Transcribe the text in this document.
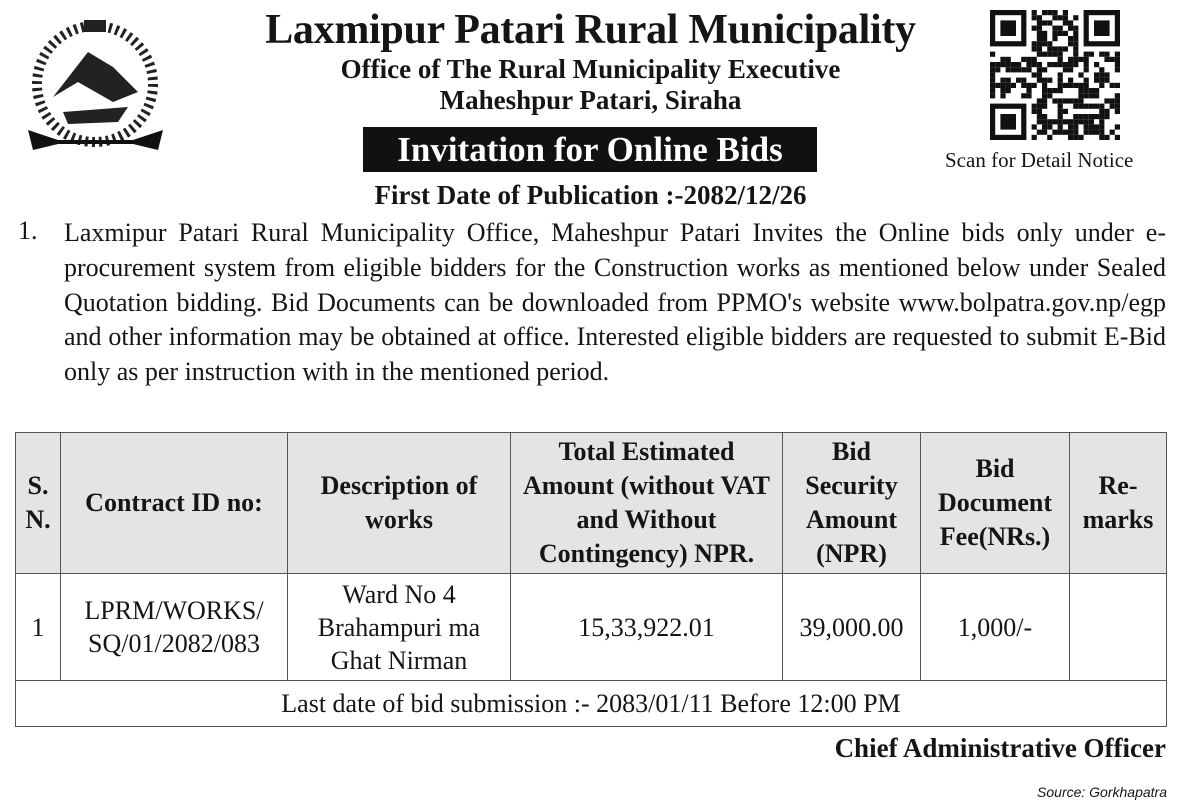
Laxmipur Patari Rural Municipality
Office of The Rural Municipality Executive
Maheshpur Patari, Siraha
Invitation for Online Bids
First Date of Publication :-2082/12/26
Scan for Detail Notice
1. Laxmipur Patari Rural Municipality Office, Maheshpur Patari Invites the Online bids only under e-procurement system from eligible bidders for the Construction works as mentioned below under Sealed Quotation bidding. Bid Documents can be downloaded from PPMO's website www.bolpatra.gov.np/egp and other information may be obtained at office. Interested eligible bidders are requested to submit E-Bid only as per instruction with in the mentioned period.
S. N.	Contract ID no:	Description of works	Total Estimated Amount (without VAT and Without Contingency) NPR.	Bid Security Amount (NPR)	Bid Document Fee(NRs.)	Re-marks
1	LPRM/WORKS/ SQ/01/2082/083	Ward No 4 Brahampuri ma Ghat Nirman	15,33,922.01	39,000.00	1,000/-	
Last date of bid submission :- 2083/01/11 Before 12:00 PM						
Chief Administrative Officer
Source: Gorkhapatra
